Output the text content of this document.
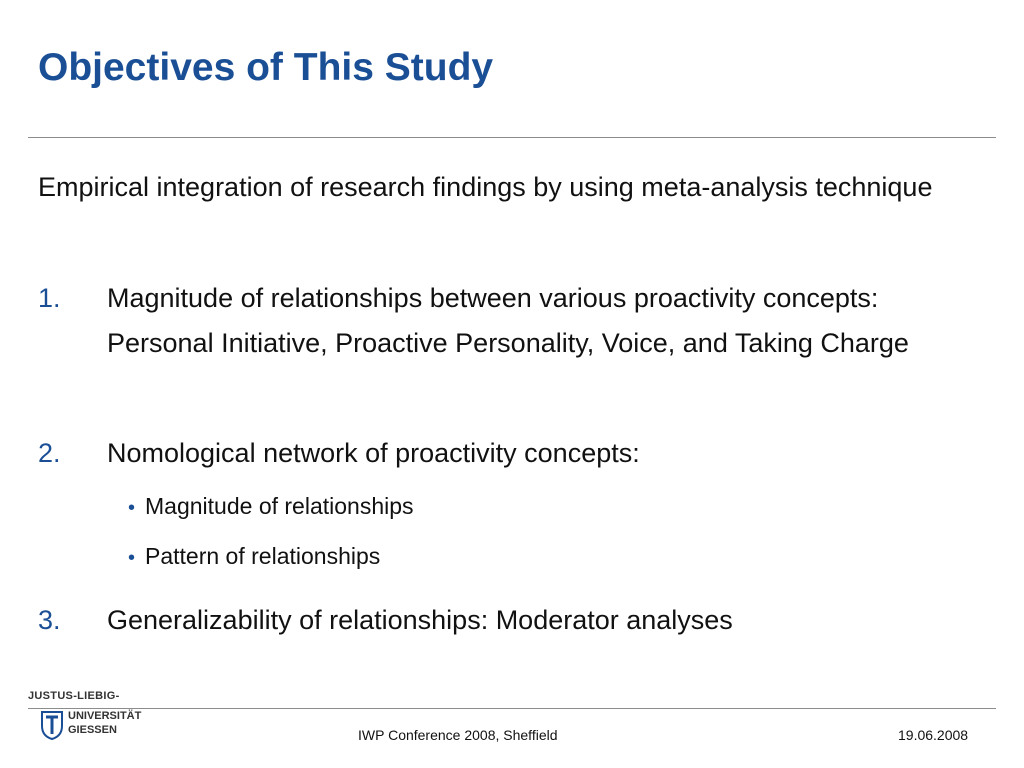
Objectives of This Study
Empirical integration of research findings by using meta-analysis technique
1. Magnitude of relationships between various proactivity concepts: Personal Initiative, Proactive Personality, Voice, and Taking Charge
2. Nomological network of proactivity concepts:
• Magnitude of relationships
• Pattern of relationships
3. Generalizability of relationships: Moderator analyses
JUSTUS-LIEBIG-
UNIVERSITÄT
GIESSEN	IWP Conference 2008, Sheffield	19.06.2008
